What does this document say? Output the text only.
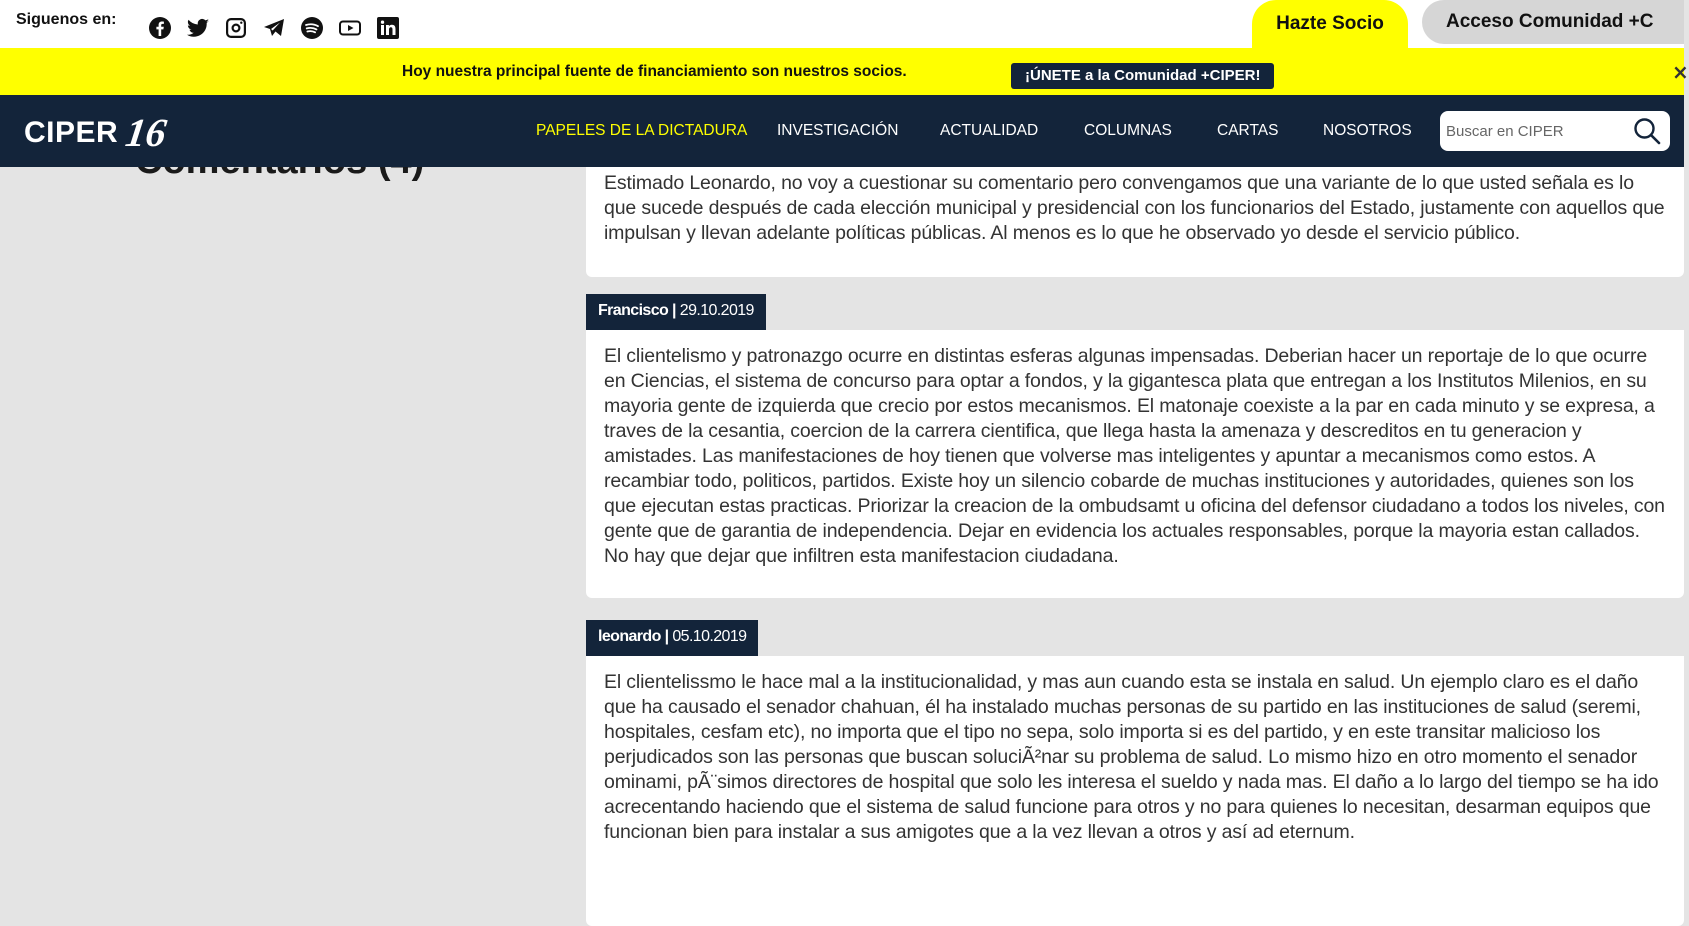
Estimado Leonardo, no voy a cuestionar su comentario pero convengamos que una variante de lo que usted señala es lo que sucede después de cada elección municipal y presidencial con los funcionarios del Estado, justamente con aquellos que impulsan y llevan adelante políticas públicas. Al menos es lo que he observado yo desde el servicio público.

Francisco | 29.10.2019

El clientelismo y patronazgo ocurre en distintas esferas algunas impensadas. Deberian hacer un reportaje de lo que ocurre en Ciencias, el sistema de concurso para optar a fondos, y la gigantesca plata que entregan a los Institutos Milenios, en su mayoria gente de izquierda que crecio por estos mecanismos. El matonaje coexiste a la par en cada minuto y se expresa, a traves de la cesantia, coercion de la carrera cientifica, que llega hasta la amenaza y descreditos en tu generacion y amistades. Las manifestaciones de hoy tienen que volverse mas inteligentes y apuntar a mecanismos como estos. A recambiar todo, politicos, partidos. Existe hoy un silencio cobarde de muchas instituciones y autoridades, quienes son los que ejecutan estas practicas. Priorizar la creacion de la ombudsamt u oficina del defensor ciudadano a todos los niveles, con gente que de garantia de independencia. Dejar en evidencia los actuales responsables, porque la mayoria estan callados. No hay que dejar que infiltren esta manifestacion ciudadana.

leonardo | 05.10.2019

El clientelissmo le hace mal a la institucionalidad, y mas aun cuando esta se instala en salud. Un ejemplo claro es el daño que ha causado el senador chahuan, él ha instalado muchas personas de su partido en las instituciones de salud (seremi, hospitales, cesfam etc), no importa que el tipo no sepa, solo importa si es del partido, y en este transitar malicioso los perjudicados son las personas que buscan soluciÃ²nar su problema de salud. Lo mismo hizo en otro momento el senador ominami, pÃ¨simos directores de hospital que solo les interesa el sueldo y nada mas. El daño a lo largo del tiempo se ha ido acrecentando haciendo que el sistema de salud funcione para otros y no para quienes lo necesitan, desarman equipos que funcionan bien para instalar a sus amigotes que a la vez llevan a otros y así ad eternum.

Siguenos en:	Hazte Socio	Acceso Comunidad +C
Hoy nuestra principal fuente de financiamiento son nuestros socios.	¡ÚNETE a la Comunidad +CIPER!	×
CIPER 16	PAPELES DE LA DICTADURA INVESTIGACIÓN	ACTUALIDAD	COLUMNAS	CARTAS	NOSOTROS
Buscar en CIPER
